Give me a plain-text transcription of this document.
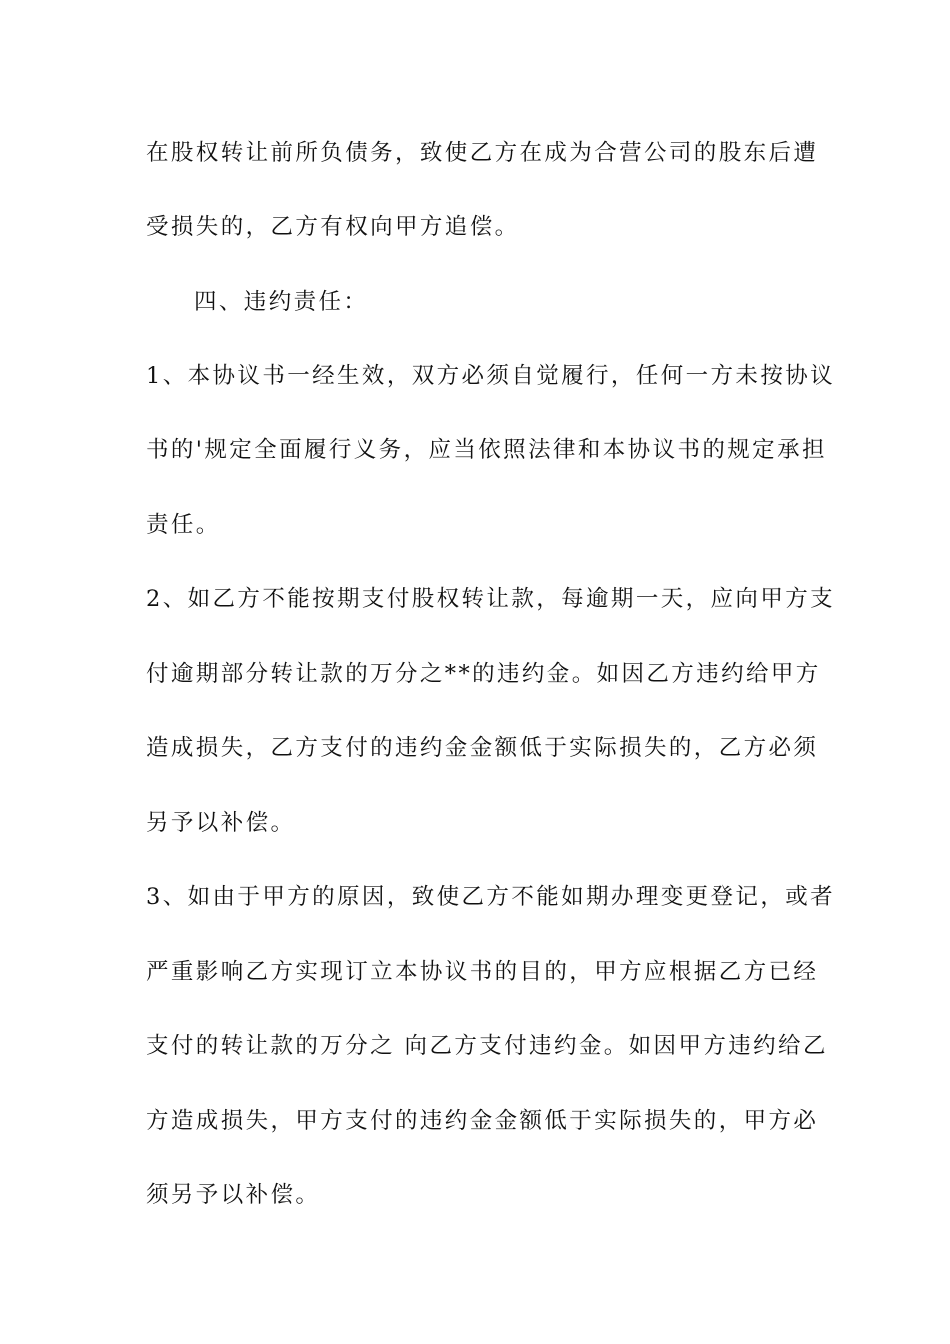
在股权转让前所负债务，致使乙方在成为合营公司的股东后遭
受损失的，乙方有权向甲方追偿。
四、违约责任：
1、本协议书一经生效，双方必须自觉履行，任何一方未按协议
书的'规定全面履行义务，应当依照法律和本协议书的规定承担
责任。
2、如乙方不能按期支付股权转让款，每逾期一天，应向甲方支
付逾期部分转让款的万分之**的违约金。如因乙方违约给甲方
造成损失，乙方支付的违约金金额低于实际损失的，乙方必须
另予以补偿。
3、如由于甲方的原因，致使乙方不能如期办理变更登记，或者
严重影响乙方实现订立本协议书的目的，甲方应根据乙方已经
支付的转让款的万分之 向乙方支付违约金。如因甲方违约给乙
方造成损失，甲方支付的违约金金额低于实际损失的，甲方必
须另予以补偿。
